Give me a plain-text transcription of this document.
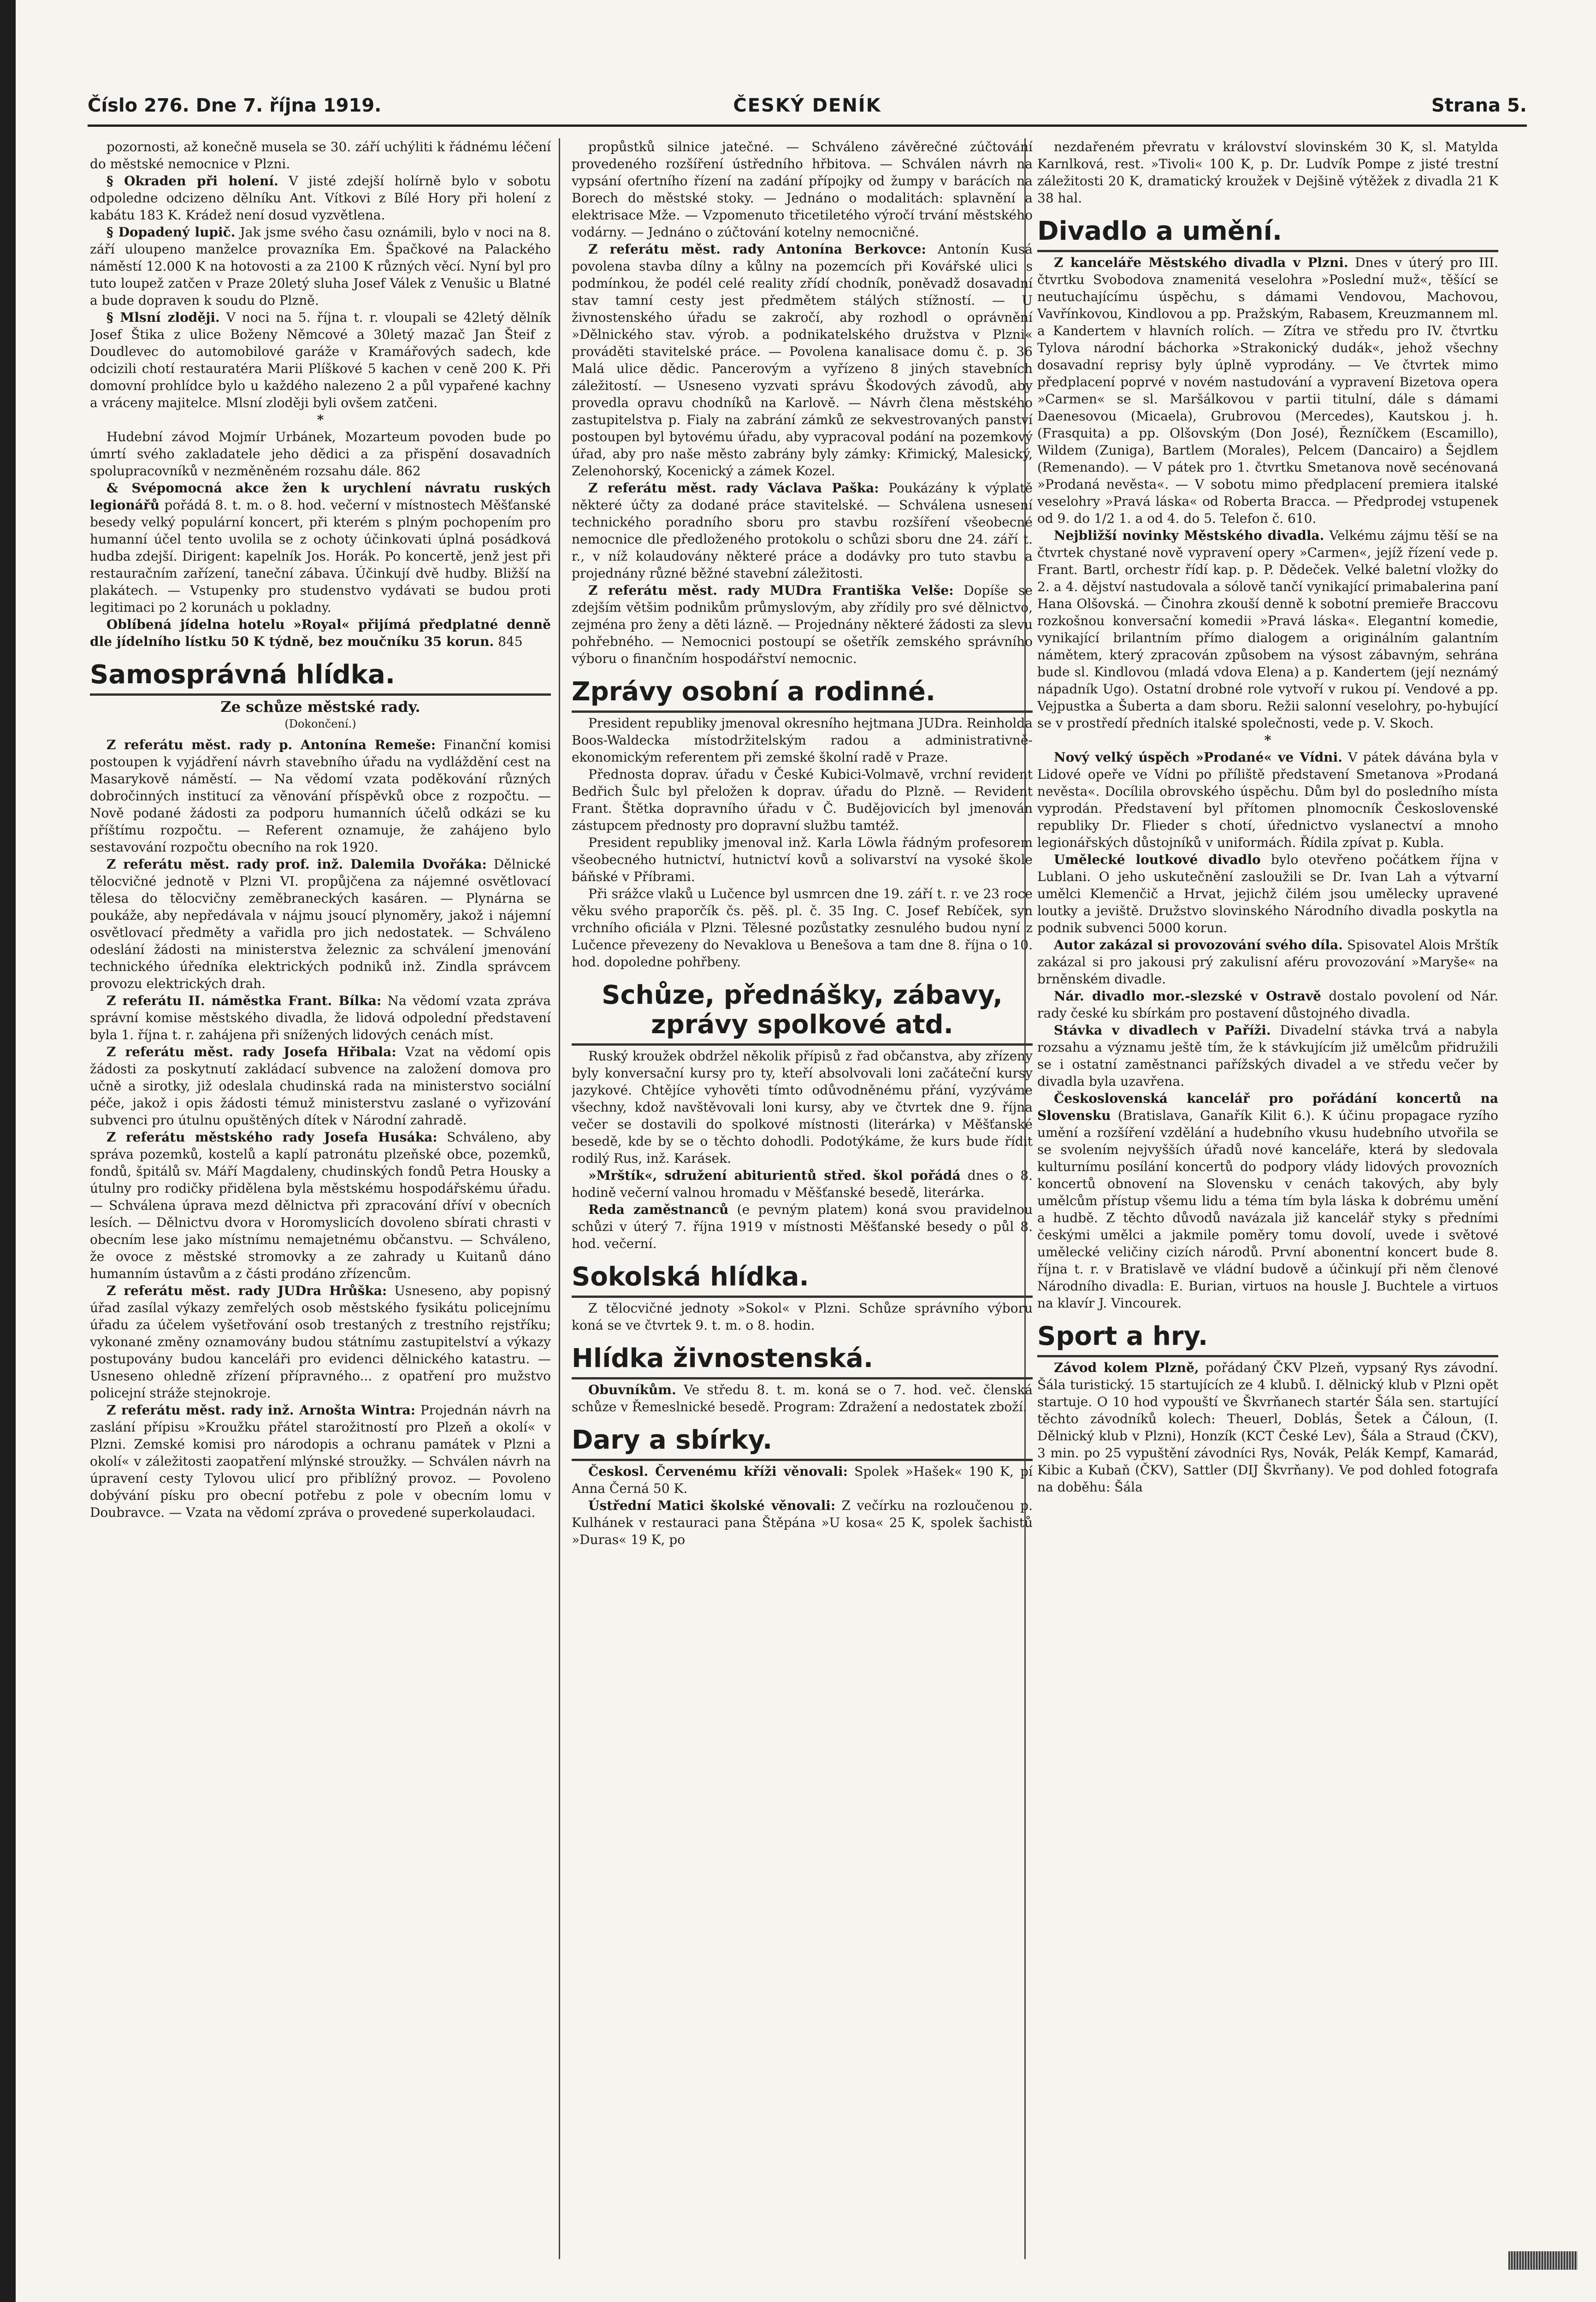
Číslo 276. Dne 7. října 1919.	ČESKÝ DENÍK	Strana 5.

pozornosti, až konečně musela se 30. září uchýliti k řádnému léčení do městské nemocnice v Plzni.

§ Okraden při holení. V jisté zdejší holírně bylo v sobotu odpoledne odcizeno dělníku Ant. Vítkovi z Bílé Hory při holení z kabátu 183 K. Krádež není dosud vyzvětlena.

§ Dopadený lupič. Jak jsme svého času oznámili, bylo v noci na 8. září uloupeno manželce provazníka Em. Špačkové na Palackého náměstí 12.000 K na hotovosti a za 2100 K různých věcí. Nyní byl pro tuto loupež zatčen v Praze 20letý sluha Josef Válek z Venušic u Blatné a bude dopraven k soudu do Plzně.

§ Mlsní zloději. V noci na 5. října t. r. vloupali se 42letý dělník Josef Štika z ulice Boženy Němcové a 30letý mazač Jan Šteif z Doudlevec do automobilové garáže v Kramářových sadech, kde odcizili chotí restauratéra Marii Plíškové 5 kachen v ceně 200 K. Při domovní prohlídce bylo u každého nalezeno 2 a půl vypařené kachny a vráceny majitelce. Mlsní zloději byli ovšem zatčeni.

*

Hudební závod Mojmír Urbánek, Mozarteum povoden bude po úmrtí svého zakladatele jeho dědici a za přispění dosavadních spolupracovníků v nezměněném rozsahu dále. 862

& Svépomocná akce žen k urychlení návratu ruských legionářů pořádá 8. t. m. o 8. hod. večerní v místnostech Měšťanské besedy velký populární koncert, při kterém s plným pochopením pro humanní účel tento uvolila se z ochoty účinkovati úplná posádková hudba zdejší. Dirigent: kapelník Jos. Horák. Po koncertě, jenž jest při restauračním zařízení, taneční zábava. Účinkují dvě hudby. Bližší na plakátech. — Vstupenky pro studenstvo vydávati se budou proti legitimaci po 2 korunách u pokladny.

Oblíbená jídelna hotelu »Royal« přijímá předplatné denně dle jídelního lístku 50 K týdně, bez moučníku 35 korun. 845

Samosprávná hlídka.
Ze schůze městské rady.
(Dokončení.)

Z referátu měst. rady p. Antonína Remeše: Finanční komisi postoupen k vyjádření návrh stavebního úřadu na vydláždění cest na Masarykově náměstí. — Na vědomí vzata poděkování různých dobročinných institucí za věnování příspěvků obce z rozpočtu. — Nově podané žádosti za podporu humanních účelů odkázi se ku příštímu rozpočtu. — Referent oznamuje, že zahájeno bylo sestavování rozpočtu obecního na rok 1920.

Z referátu měst. rady prof. inž. Dalemila Dvořáka: Dělnické tělocvičné jednotě v Plzni VI. propůjčena za nájemné osvětlovací tělesa do tělocvičny zeměbraneckých kasáren. — Plynárna se poukáže, aby nepředávala v nájmu jsoucí plynoměry, jakož i nájemní osvětlovací předměty a vařidla pro jich nedostatek. — Schváleno odeslání žádosti na ministerstva železnic za schválení jmenování technického úředníka elektrických podniků inž. Zindla správcem provozu elektrických drah.

Z referátu II. náměstka Frant. Bílka: Na vědomí vzata zpráva správní komise městského divadla, že lidová odpolední představení byla 1. října t. r. zahájena při snížených lidových cenách míst.

Z referátu měst. rady Josefa Hřibala: Vzat na vědomí opis žádosti za poskytnutí zakládací subvence na založení domova pro učně a sirotky, již odeslala chudinská rada na ministerstvo sociální péče, jakož i opis žádosti témuž ministerstvu zaslané o vyřizování subvenci pro útulnu opuštěných dítek v Národní zahradě.

Z referátu městského rady Josefa Husáka: Schváleno, aby správa pozemků, kostelů a kaplí patronátu plzeňské obce, pozemků, fondů, špitálů sv. Máří Magdaleny, chudinských fondů Petra Housky a útulny pro rodičky přidělena byla městskému hospodářskému úřadu. — Schválena úprava mezd dělnictva při zpracování dříví v obecních lesích. — Dělnictvu dvora v Horomyslicích dovoleno sbírati chrasti v obecním lese jako místnímu nemajetnému občanstvu. — Schváleno, že ovoce z městské stromovky a ze zahrady u Kuitanů dáno humanním ústavům a z části prodáno zřízencům.

Z referátu měst. rady JUDra Hrůška: Usneseno, aby popisný úřad zasílal výkazy zemřelých osob městského fysikátu policejnímu úřadu za účelem vyšetřování osob trestaných z trestního rejstříku; vykonané změny oznamovány budou státnímu zastupitelství a výkazy postupovány budou kanceláři pro evidenci dělnického katastru. — Usneseno ohledně zřízení přípravného... z opatření pro mužstvo policejní stráže stejnokroje.

Z referátu měst. rady inž. Arnošta Wintra: Projednán návrh na zaslání přípisu »Kroužku přátel starožitností pro Plzeň a okolí« v Plzni. Zemské komisi pro národopis a ochranu památek v Plzni a okolí« v záležitosti zaopatření mlýnské stroužky. — Schválen návrh na úpravení cesty Tylovou ulicí pro přiblížný provoz. — Povoleno dobývání písku pro obecní potřebu z pole v obecním lomu v Doubravce. — Vzata na vědomí zpráva o provedené superkolaudaci.

propůstků silnice jatečné. — Schváleno závěrečné zúčtování provedeného rozšíření ústředního hřbitova. — Schválen návrh na vypsání ofertního řízení na zadání přípojky od žumpy v barácích na Borech do městské stoky. — Jednáno o modalitách: splavnění a elektrisace Mže. — Vzpomenuto třicetiletého výročí trvání městského vodárny. — Jednáno o zúčtování kotelny nemocničné.

Z referátu měst. rady Antonína Berkovce: Antonín Kusá povolena stavba dílny a kůlny na pozemcích při Kovářské ulici s podmínkou, že podél celé reality zřídí chodník, poněvadž dosavadní stav tamní cesty jest předmětem stálých stížností. — U živnostenského úřadu se zakročí, aby rozhodl o oprávnění »Dělnického stav. výrob. a podnikatelského družstva v Plzni« prováděti stavitelské práce. — Povolena kanalisace domu č. p. 36 Malá ulice dědic. Pancerovým a vyřízeno 8 jiných stavebních záležitostí. — Usneseno vyzvati správu Škodových závodů, aby provedla opravu chodníků na Karlově. — Návrh člena městského zastupitelstva p. Fialy na zabrání zámků ze sekvestrovaných panství postoupen byl bytovému úřadu, aby vypracoval podání na pozemkový úřad, aby pro naše město zabrány byly zámky: Křimický, Malesický, Zelenohorský, Kocenický a zámek Kozel.

Z referátu měst. rady Václava Paška: Poukázány k výplatě některé účty za dodané práce stavitelské. — Schválena usnesení technického poradního sboru pro stavbu rozšíření všeobecné nemocnice dle předloženého protokolu o schůzi sboru dne 24. září t. r., v níž kolaudovány některé práce a dodávky pro tuto stavbu a projednány různé běžné stavební záležitosti.

Z referátu měst. rady MUDra Františka Velše: Dopíše se zdejším většim podnikům průmyslovým, aby zřídily pro své dělnictvo, zejména pro ženy a děti lázně. — Projednány některé žádosti za slevu pohřebného. — Nemocnici postoupí se ošetřík zemského správního výboru o finančním hospodářství nemocnic.

Zprávy osobní a rodinné.

President republiky jmenoval okresního hejtmana JUDra. Reinholda Boos-Waldecka místodržitelským radou a administrativně-ekonomickým referentem při zemské školní radě v Praze.

Přednosta doprav. úřadu v České Kubici-Volmavě, vrchní revident Bedřich Šulc byl přeložen k doprav. úřadu do Plzně. — Revident Frant. Štětka dopravního úřadu v Č. Budějovicích byl jmenován zástupcem přednosty pro dopravní službu tamtéž.

President republiky jmenoval inž. Karla Löwla řádným profesorem všeobecného hutnictví, hutnictví kovů a solivarství na vysoké škole báňské v Příbrami.

Při srážce vlaků u Lučence byl usmrcen dne 19. září t. r. ve 23 roce věku svého praporčík čs. pěš. pl. č. 35 Ing. C. Josef Rebíček, syn vrchního oficiála v Plzni. Tělesné pozůstatky zesnulého budou nyní z Lučence převezeny do Nevaklova u Benešova a tam dne 8. října o 10. hod. dopoledne pohřbeny.

Schůze, přednášky, zábavy, zprávy spolkové atd.

Ruský kroužek obdržel několik přípisů z řad občanstva, aby zřízeny byly konversační kursy pro ty, kteří absolvovali loni začáteční kursy jazykové. Chtějíce vyhověti tímto odůvodněnému přání, vyzýváme všechny, kdož navštěvovali loni kursy, aby ve čtvrtek dne 9. října večer se dostavili do spolkové místnosti (literárka) v Měšťanské besedě, kde by se o těchto dohodli. Podotýkáme, že kurs bude řídit rodilý Rus, inž. Karásek.

»Mrštík«, sdružení abiturientů střed. škol pořádá dnes o 8. hodině večerní valnou hromadu v Měšťanské besedě, literárka.

Reda zaměstnanců (e pevným platem) koná svou pravidelnou schůzi v úterý 7. října 1919 v místnosti Měšťanské besedy o půl 8. hod. večerní.

Sokolská hlídka.

Z tělocvičné jednoty »Sokol« v Plzni. Schůze správního výboru koná se ve čtvrtek 9. t. m. o 8. hodin.

Hlídka živnostenská.

Obuvníkům. Ve středu 8. t. m. koná se o 7. hod. več. členská schůze v Řemeslnické besedě. Program: Zdražení a nedostatek zboží.

Dary a sbírky.

Českosl. Červenému kříži věnovali: Spolek »Hašek« 190 K, pí Anna Černá 50 K.

Ústřední Matici školské věnovali: Z večírku na rozloučenou p. Kulhánek v restauraci pana Štěpána »U kosa« 25 K, spolek šachistů »Duras« 19 K, po

nezdařeném převratu v království slovinském 30 K, sl. Matylda Karnlková, rest. »Tivoli« 100 K, p. Dr. Ludvík Pompe z jisté trestní záležitosti 20 K, dramatický kroužek v Dejšině výtěžek z divadla 21 K 38 hal.

Divadlo a umění.

Z kanceláře Městského divadla v Plzni. Dnes v úterý pro III. čtvrtku Svobodova znamenitá veselohra »Poslední muž«, těšící se neutuchajícímu úspěchu, s dámami Vendovou, Machovou, Vavřínkovou, Kindlovou a pp. Pražským, Rabasem, Kreuzmannem ml. a Kandertem v hlavních rolích. — Zítra ve středu pro IV. čtvrtku Tylova národní báchorka »Strakonický dudák«, jehož všechny dosavadní reprisy byly úplně vyprodány. — Ve čtvrtek mimo předplacení poprvé v novém nastudování a vypravení Bizetova opera »Carmen« se sl. Maršálkovou v partii titulní, dále s dámami Daenesovou (Micaela), Grubrovou (Mercedes), Kautskou j. h. (Frasquita) a pp. Olšovským (Don José), Řezníčkem (Escamillo), Wildem (Zuniga), Bartlem (Morales), Pelcem (Dancairo) a Šejdlem (Remenando). — V pátek pro 1. čtvrtku Smetanova nově secénovaná »Prodaná nevěsta«. — V sobotu mimo předplacení premiera italské veselohry »Pravá láska« od Roberta Bracca. — Předprodej vstupenek od 9. do 1/2 1. a od 4. do 5. Telefon č. 610.

Nejbližší novinky Městského divadla. Velkému zájmu těší se na čtvrtek chystané nově vypravení opery »Carmen«, jejíž řízení vede p. Frant. Bartl, orchestr řídí kap. p. P. Dědeček. Velké baletní vložky do 2. a 4. dějství nastudovala a sólově tančí vynikající primabalerina paní Hana Olšovská. — Činohra zkouší denně k sobotní premieře Braccovu rozkošnou konversační komedii »Pravá láska«. Elegantní komedie, vynikající brilantním přímo dialogem a originálním galantním námětem, který zpracován způsobem na výsost zábavným, sehrána bude sl. Kindlovou (mladá vdova Elena) a p. Kandertem (její neznámý nápadník Ugo). Ostatní drobné role vytvoří v rukou pí. Vendové a pp. Vejpustka a Šuberta a dam sboru. Režii salonní veselohry, po-hybující se v prostředí předních italské společnosti, vede p. V. Skoch.

*

Nový velký úspěch »Prodané« ve Vídni. V pátek dávána byla v Lidové opeře ve Vídni po příliště představení Smetanova »Prodaná nevěsta«. Docílila obrovského úspěchu. Dům byl do posledního místa vyprodán. Představení byl přítomen plnomocník Československé republiky Dr. Flieder s chotí, úřednictvo vyslanectví a mnoho legionářských důstojníků v uniformách. Řídila zpívat p. Kubla.

Umělecké loutkové divadlo bylo otevřeno počátkem října v Lublani. O jeho uskutečnění zasloužili se Dr. Ivan Lah a výtvarní umělci Klemenčič a Hrvat, jejichž čilém jsou umělecky upravené loutky a jeviště. Družstvo slovinského Národního divadla poskytla na podnik subvenci 5000 korun.

Autor zakázal si provozování svého díla. Spisovatel Alois Mrštík zakázal si pro jakousi prý zakulisní aféru provozování »Maryše« na brněnském divadle.

Nár. divadlo mor.-slezské v Ostravě dostalo povolení od Nár. rady české ku sbírkám pro postavení důstojného divadla.

Stávka v divadlech v Paříži. Divadelní stávka trvá a nabyla rozsahu a významu ještě tím, že k stávkujícím již umělcům přidružili se i ostatní zaměstnanci pařížských divadel a ve středu večer by divadla byla uzavřena.

Československá kancelář pro pořádání koncertů na Slovensku (Bratislava, Ganařík Kilit 6.). K účinu propagace ryzího umění a rozšíření vzdělání a hudebního vkusu hudebního utvořila se se svolením nejvyšších úřadů nové kanceláře, která by sledovala kulturnímu posílání koncertů do podpory vlády lidových provozních koncertů obnovení na Slovensku v cenách takových, aby byly umělcům přístup všemu lidu a téma tím byla láska k dobrému umění a hudbě. Z těchto důvodů navázala již kancelář styky s předními českými umělci a jakmile poměry tomu dovolí, uvede i světové umělecké veličiny cizích národů. První abonentní koncert bude 8. října t. r. v Bratislavě ve vládní budově a účinkují při něm členové Národního divadla: E. Burian, virtuos na housle J. Buchtele a virtuos na klavír J. Vincourek.

Sport a hry.

Závod kolem Plzně, pořádaný ČKV Plzeň, vypsaný Rys závodní. Šála turistický. 15 startujících ze 4 klubů. I. dělnický klub v Plzni opět startuje. O 10 hod vypouští ve Škvrňanech startér Šála sen. startující těchto závodníků kolech: Theuerl, Doblás, Šetek a Čáloun, (I. Dělnický klub v Plzni), Honzík (KCT České Lev), Šála a Straud (ČKV), 3 min. po 25 vypuštění závodníci Rys, Novák, Pelák Kempf, Kamarád, Kibic a Kubaň (ČKV), Sattler (DIJ Škvrňany). Ve pod dohled fotografa na doběhu: Šála
